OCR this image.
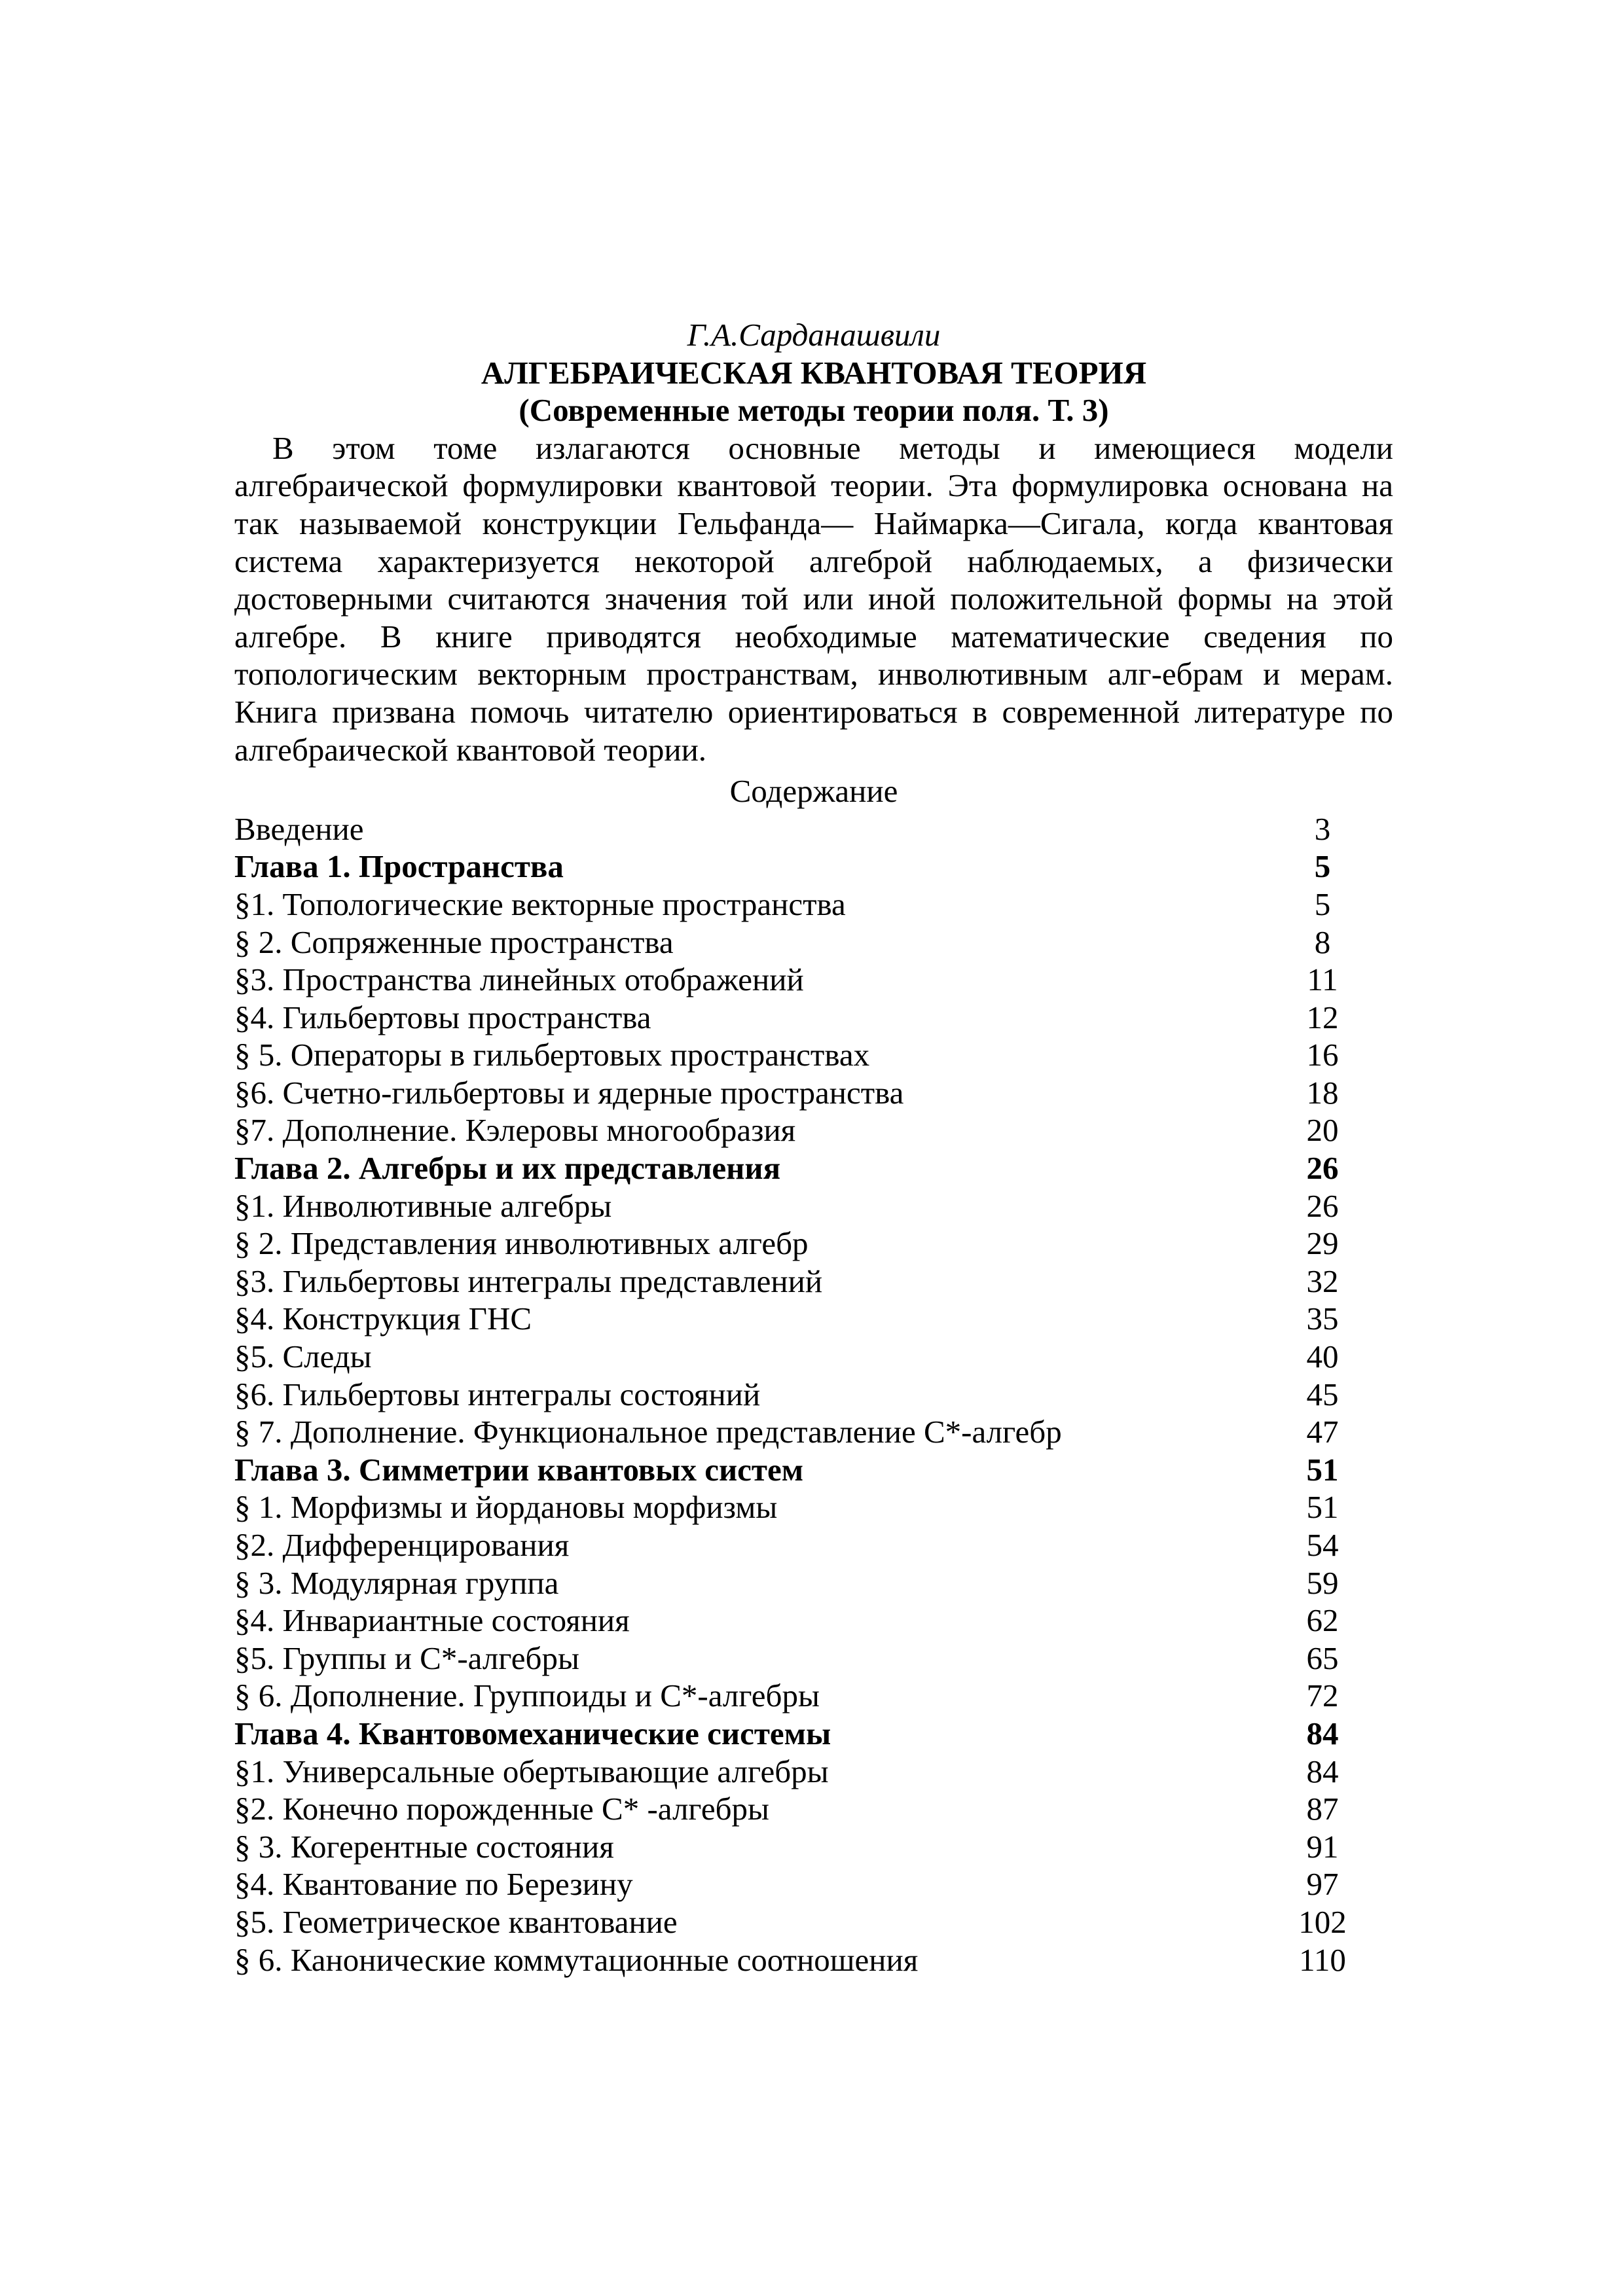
Г.А.Сарданашвили
АЛГЕБРАИЧЕСКАЯ КВАНТОВАЯ ТЕОРИЯ
(Современные методы теории поля. Т. 3)
В этом томе излагаются основные методы и имеющиеся модели
алгебраической формулировки квантовой теории. Эта формулировка основана на
так называемой конструкции Гельфанда— Наймарка—Сигала, когда квантовая
система характеризуется некоторой алгеброй наблюдаемых, а физически
достоверными считаются значения той или иной положительной формы на этой
алгебре. В книге приводятся необходимые математические сведения по
топологическим векторным пространствам, инволютивным алг-ебрам и мерам.
Книга призвана помочь читателю ориентироваться в современной литературе по
алгебраической квантовой теории.
Содержание
Введение	3
Глава 1. Пространства	5
§1. Топологические векторные пространства	5
§ 2. Сопряженные пространства	8
§3. Пространства линейных отображений	11
§4. Гильбертовы пространства	12
§ 5. Операторы в гильбертовых пространствах	16
§6. Счетно-гильбертовы и ядерные пространства	18
§7. Дополнение. Кэлеровы многообразия	20
Глава 2. Алгебры и их представления	26
§1. Инволютивные алгебры	26
§ 2. Представления инволютивных алгебр	29
§3. Гильбертовы интегралы представлений	32
§4. Конструкция ГНС	35
§5. Следы	40
§6. Гильбертовы интегралы состояний	45
§ 7. Дополнение. Функциональное представление C*-алгебр	47
Глава 3. Симметрии квантовых систем	51
§ 1. Морфизмы и йордановы морфизмы	51
§2. Дифференцирования	54
§ 3. Модулярная группа	59
§4. Инвариантные состояния	62
§5. Группы и C*-алгебры	65
§ 6. Дополнение. Группоиды и C*-алгебры	72
Глава 4. Квантовомеханические системы	84
§1. Универсальные обертывающие алгебры	84
§2. Конечно порожденные C* -алгебры	87
§ 3. Когерентные состояния	91
§4. Квантование по Березину	97
§5. Геометрическое квантование	102
§ 6. Канонические коммутационные соотношения	110
